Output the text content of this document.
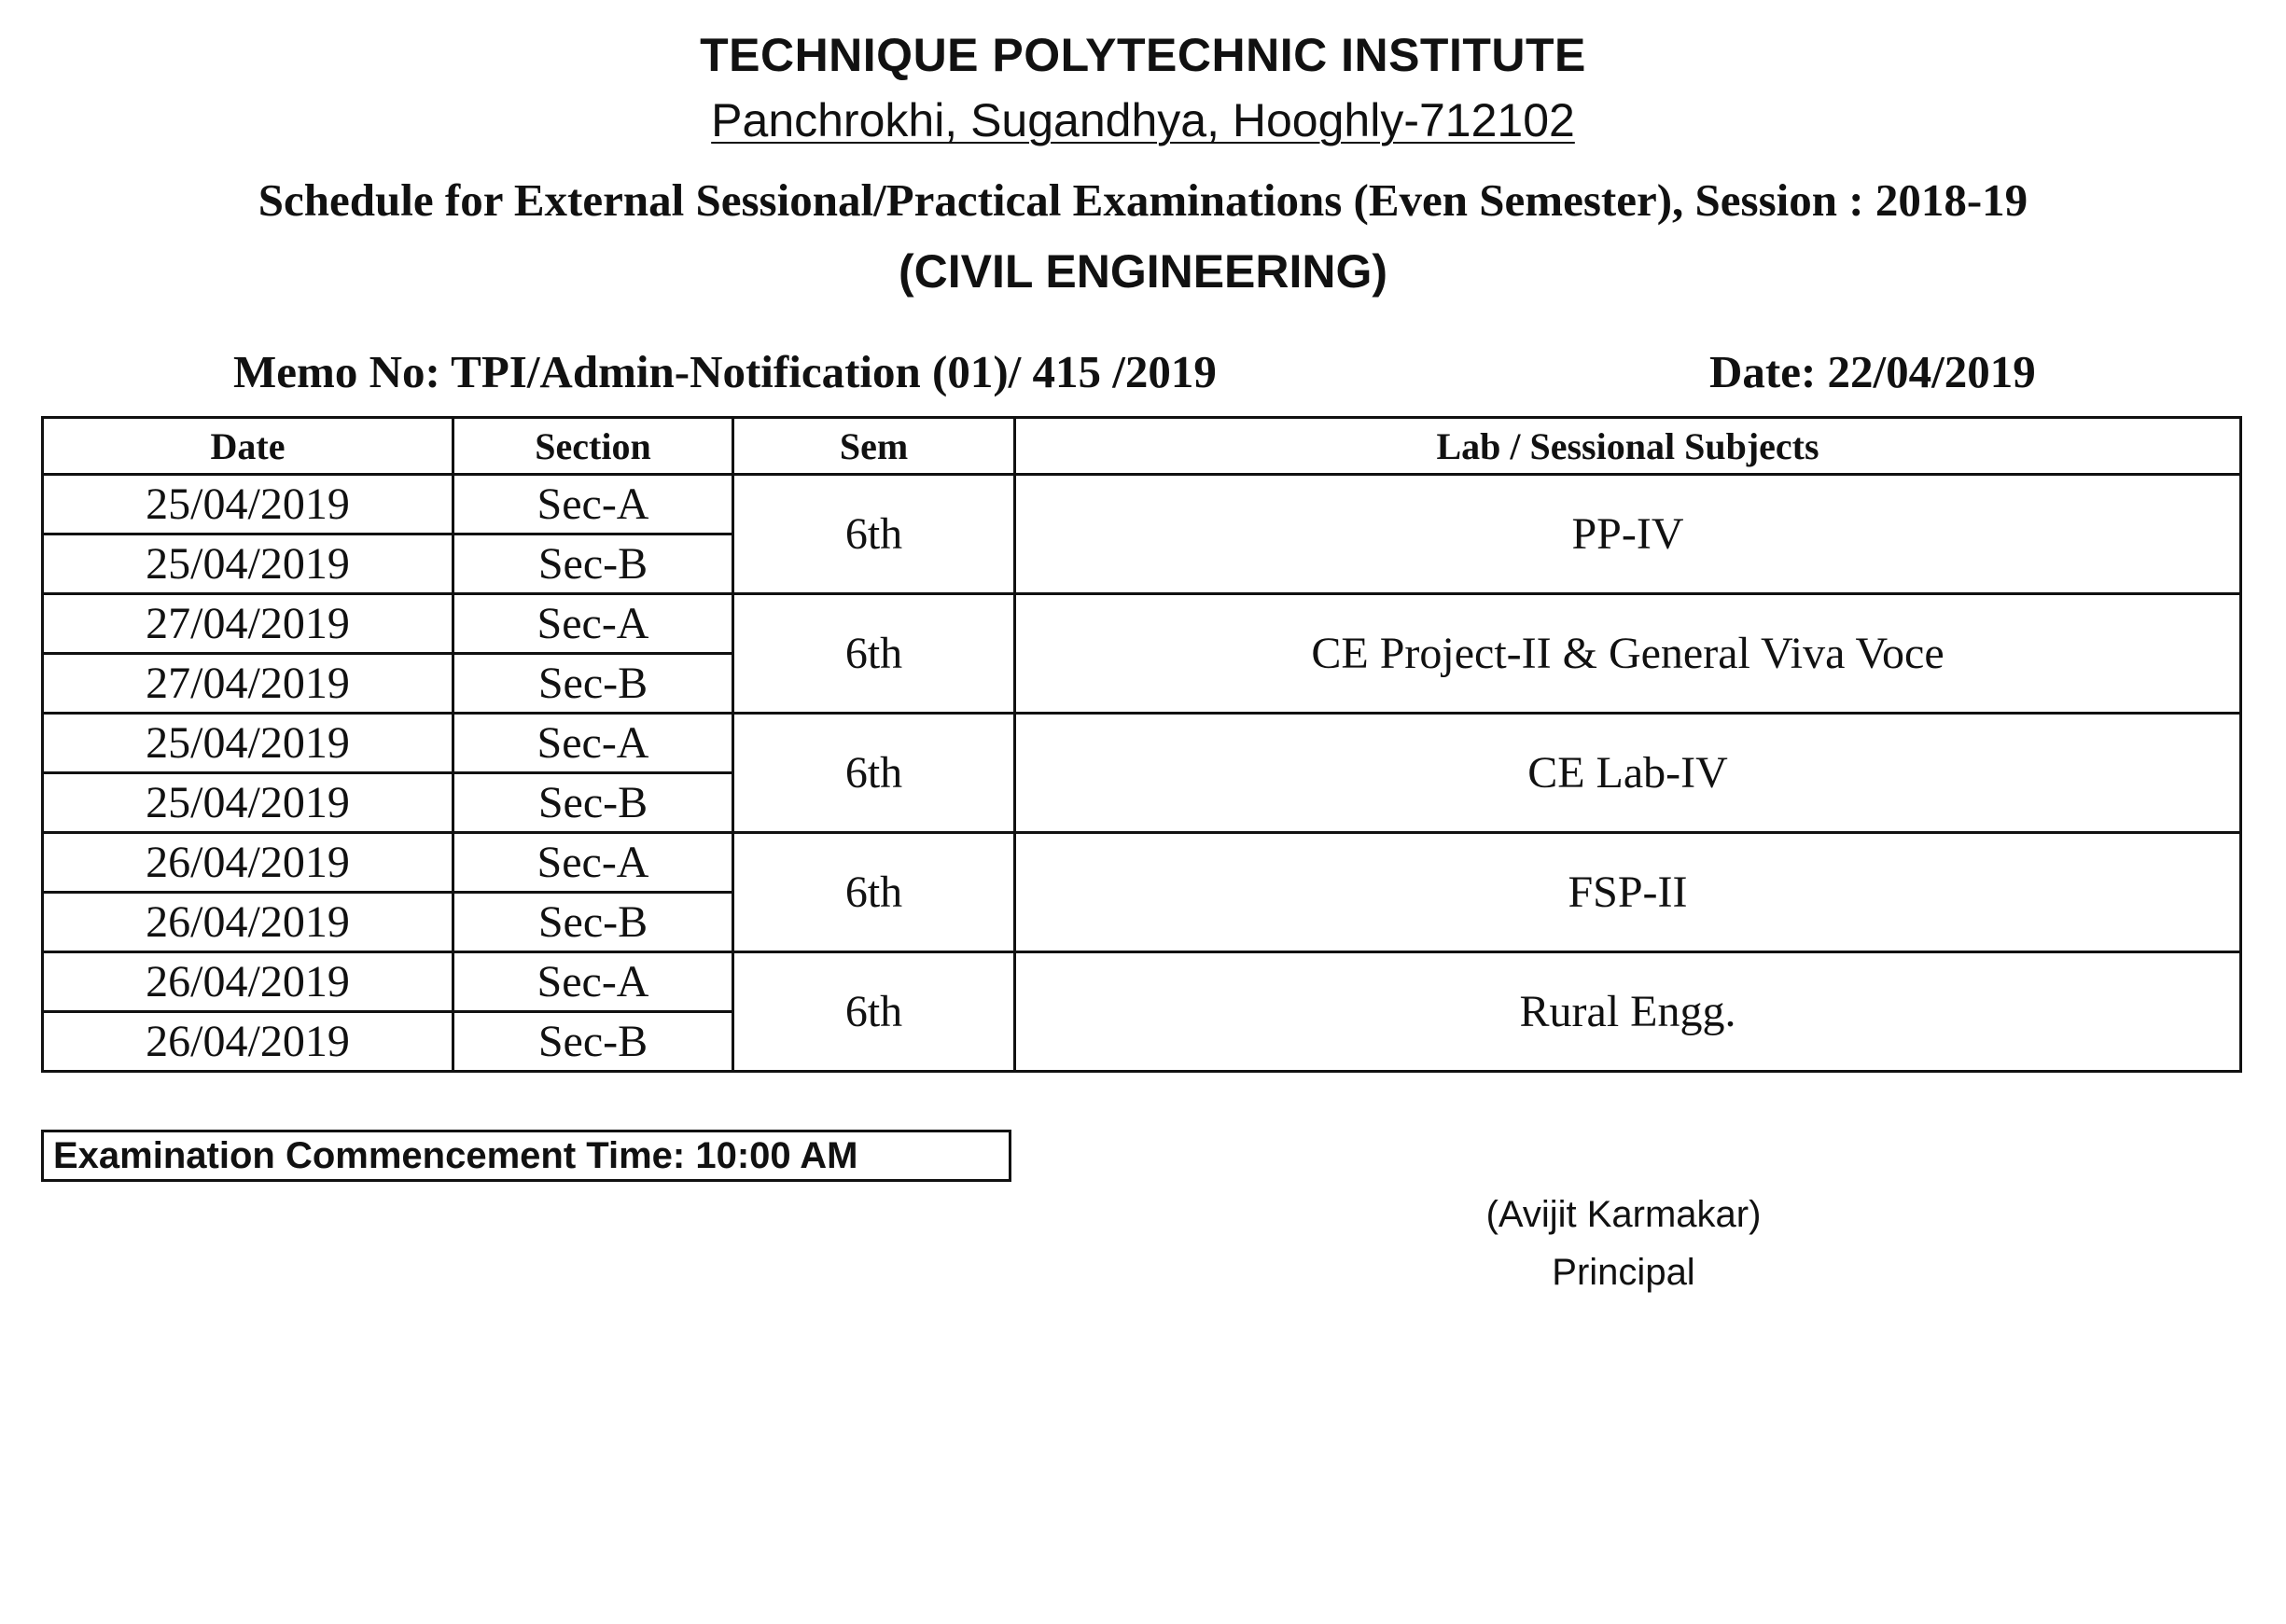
TECHNIQUE POLYTECHNIC INSTITUTE
Panchrokhi, Sugandhya, Hooghly-712102
Schedule for External Sessional/Practical Examinations (Even Semester), Session : 2018-19
(CIVIL ENGINEERING)
Memo No: TPI/Admin-Notification (01)/ 415 /2019	Date: 22/04/2019
Date	Section	Sem	Lab / Sessional Subjects
25/04/2019	Sec-A	6th	PP-IV
25/04/2019	Sec-B		
27/04/2019	Sec-A	6th	CE Project-II & General Viva Voce
27/04/2019	Sec-B		
25/04/2019	Sec-A	6th	CE Lab-IV
25/04/2019	Sec-B		
26/04/2019	Sec-A	6th	FSP-II
26/04/2019	Sec-B		
26/04/2019	Sec-A	6th	Rural Engg.
26/04/2019	Sec-B		
Examination Commencement Time: 10:00 AM
(Avijit Karmakar)
Principal
